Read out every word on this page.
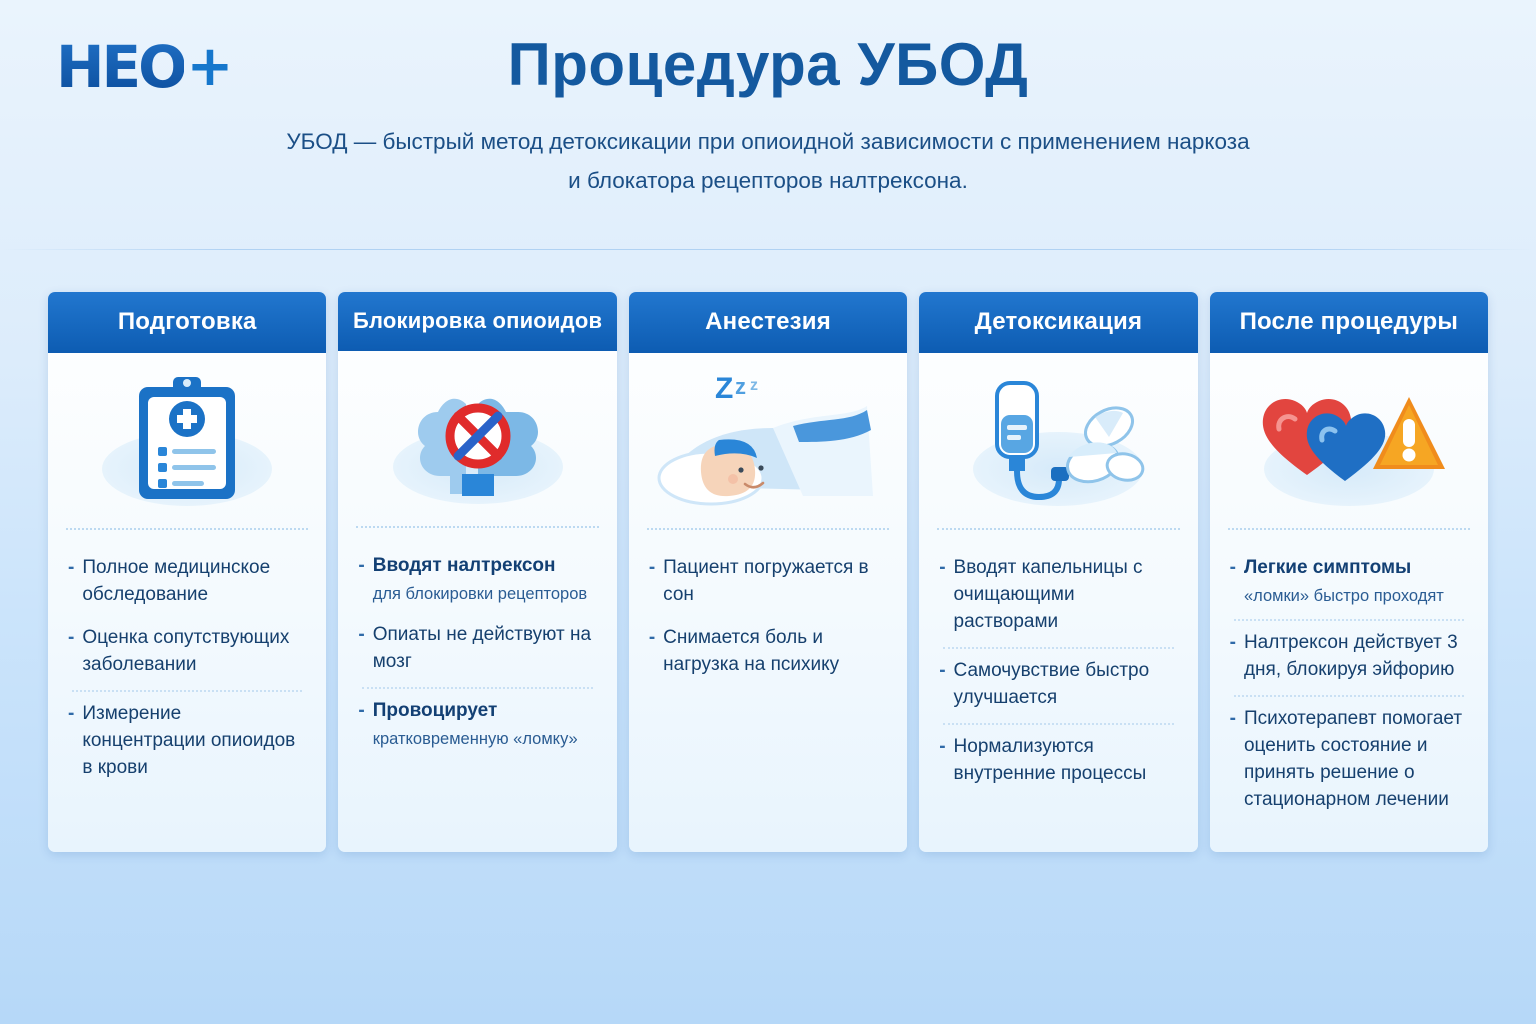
HEO +	Процедура УБОД
УБОД — быстрый метод детоксикации при опиоидной зависимости с применением наркоза
и блокатора рецепторов налтрексона.
Подготовка
- Полное медицинское обследование
- Оценка сопутствующих заболевании
- Измерение концентрации опиоидов в крови
Блокировка опиоидов
- Вводят налтрексон
для блокировки рецепторов
- Опиаты не действуют на мозг
- Провоцирует
кратковременную «ломку»
Анестезия
Z z z
- Пациент погружается в сон
- Снимается боль и нагрузка на психику
Детоксикация
- Вводят капельницы с очищающими растворами
- Самочувствие быстро улучшается
- Нормализуются внутренние процессы
После процедуры
- Легкие симптомы
«ломки» быстро проходят
- Налтрексон действует 3 дня, блокируя эйфорию
- Психотерапевт помогает оценить состояние и принять решение о стационарном лечении
